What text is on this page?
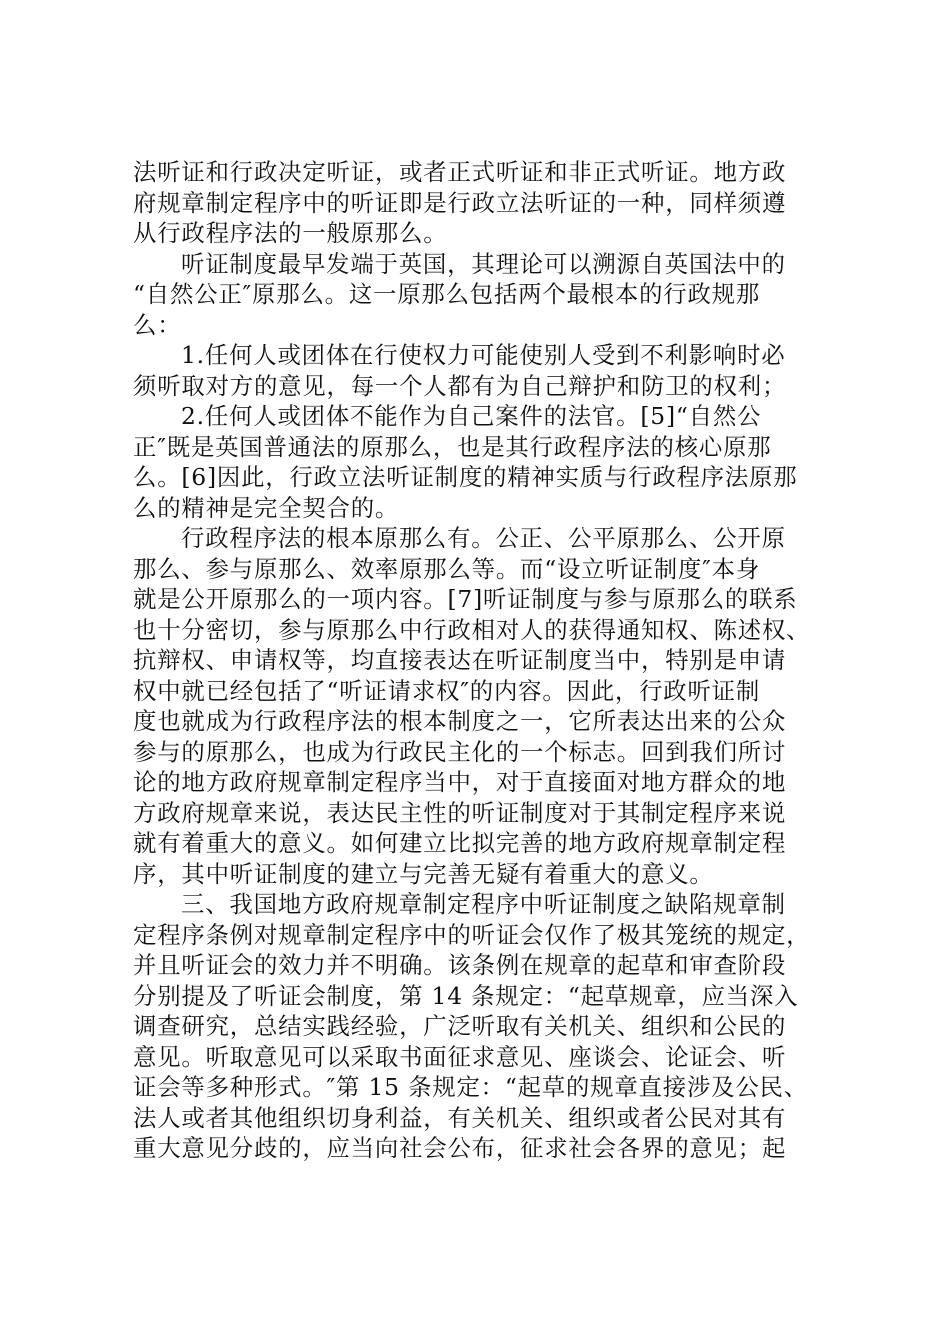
法听证和行政决定听证，或者正式听证和非正式听证。地方政
府规章制定程序中的听证即是行政立法听证的一种，同样须遵
从行政程序法的一般原那么。
听证制度最早发端于英国，其理论可以溯源自英国法中的
“自然公正″原那么。这一原那么包括两个最根本的行政规那
么：
1.任何人或团体在行使权力可能使别人受到不利影响时必
须听取对方的意见，每一个人都有为自己辩护和防卫的权利；
2.任何人或团体不能作为自己案件的法官。[5]“自然公
正″既是英国普通法的原那么，也是其行政程序法的核心原那
么。[6]因此，行政立法听证制度的精神实质与行政程序法原那
么的精神是完全契合的。
行政程序法的根本原那么有。公正、公平原那么、公开原
那么、参与原那么、效率原那么等。而“设立听证制度″本身
就是公开原那么的一项内容。[7]听证制度与参与原那么的联系
也十分密切，参与原那么中行政相对人的获得通知权、陈述权、
抗辩权、申请权等，均直接表达在听证制度当中，特别是申请
权中就已经包括了“听证请求权″的内容。因此，行政听证制
度也就成为行政程序法的根本制度之一，它所表达出来的公众
参与的原那么，也成为行政民主化的一个标志。回到我们所讨
论的地方政府规章制定程序当中，对于直接面对地方群众的地
方政府规章来说，表达民主性的听证制度对于其制定程序来说
就有着重大的意义。如何建立比拟完善的地方政府规章制定程
序，其中听证制度的建立与完善无疑有着重大的意义。
三、我国地方政府规章制定程序中听证制度之缺陷规章制
定程序条例对规章制定程序中的听证会仅作了极其笼统的规定，
并且听证会的效力并不明确。该条例在规章的起草和审查阶段
分别提及了听证会制度，第 14 条规定：“起草规章，应当深入
调查研究，总结实践经验，广泛听取有关机关、组织和公民的
意见。听取意见可以采取书面征求意见、座谈会、论证会、听
证会等多种形式。″第 15 条规定：“起草的规章直接涉及公民、
法人或者其他组织切身利益，有关机关、组织或者公民对其有
重大意见分歧的，应当向社会公布，征求社会各界的意见；起
